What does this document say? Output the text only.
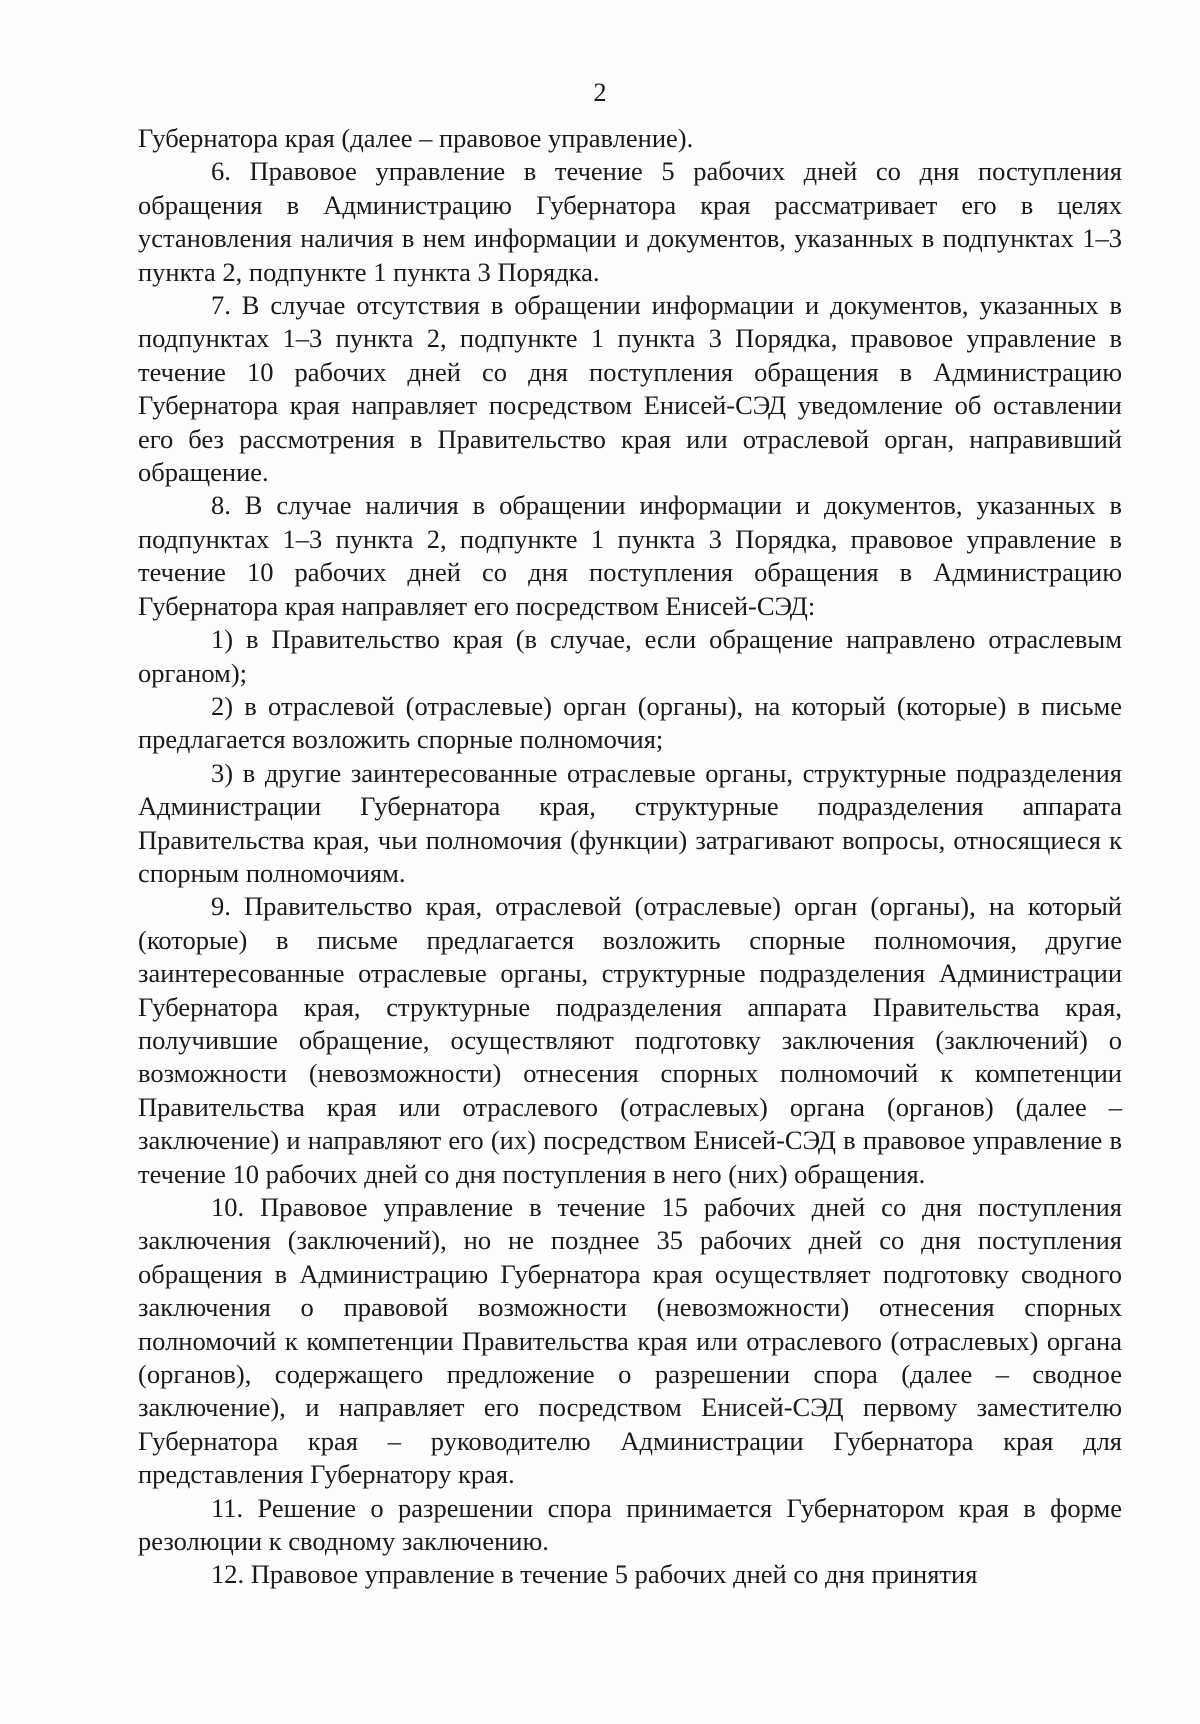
2

Губернатора края (далее – правовое управление).

6. Правовое управление в течение 5 рабочих дней со дня поступления обращения в Администрацию Губернатора края рассматривает его в целях установления наличия в нем информации и документов, указанных в подпунктах 1–3 пункта 2, подпункте 1 пункта 3 Порядка.

7. В случае отсутствия в обращении информации и документов, указанных в подпунктах 1–3 пункта 2, подпункте 1 пункта 3 Порядка, правовое управление в течение 10 рабочих дней со дня поступления обращения в Администрацию Губернатора края направляет посредством Енисей-СЭД уведомление об оставлении его без рассмотрения в Правительство края или отраслевой орган, направивший обращение.

8. В случае наличия в обращении информации и документов, указанных в подпунктах 1–3 пункта 2, подпункте 1 пункта 3 Порядка, правовое управление в течение 10 рабочих дней со дня поступления обращения в Администрацию Губернатора края направляет его посредством Енисей-СЭД:

1) в Правительство края (в случае, если обращение направлено отраслевым органом);

2) в отраслевой (отраслевые) орган (органы), на который (которые) в письме предлагается возложить спорные полномочия;

3) в другие заинтересованные отраслевые органы, структурные подразделения Администрации Губернатора края, структурные подразделения аппарата Правительства края, чьи полномочия (функции) затрагивают вопросы, относящиеся к спорным полномочиям.

9. Правительство края, отраслевой (отраслевые) орган (органы), на который (которые) в письме предлагается возложить спорные полномочия, другие заинтересованные отраслевые органы, структурные подразделения Администрации Губернатора края, структурные подразделения аппарата Правительства края, получившие обращение, осуществляют подготовку заключения (заключений) о возможности (невозможности) отнесения спорных полномочий к компетенции Правительства края или отраслевого (отраслевых) органа (органов) (далее – заключение) и направляют его (их) посредством Енисей-СЭД в правовое управление в течение 10 рабочих дней со дня поступления в него (них) обращения.

10. Правовое управление в течение 15 рабочих дней со дня поступления заключения (заключений), но не позднее 35 рабочих дней со дня поступления обращения в Администрацию Губернатора края осуществляет подготовку сводного заключения о правовой возможности (невозможности) отнесения спорных полномочий к компетенции Правительства края или отраслевого (отраслевых) органа (органов), содержащего предложение о разрешении спора (далее – сводное заключение), и направляет его посредством Енисей-СЭД первому заместителю Губернатора края – руководителю Администрации Губернатора края для представления Губернатору края.

11. Решение о разрешении спора принимается Губернатором края в форме резолюции к сводному заключению.

12. Правовое управление в течение 5 рабочих дней со дня принятия
